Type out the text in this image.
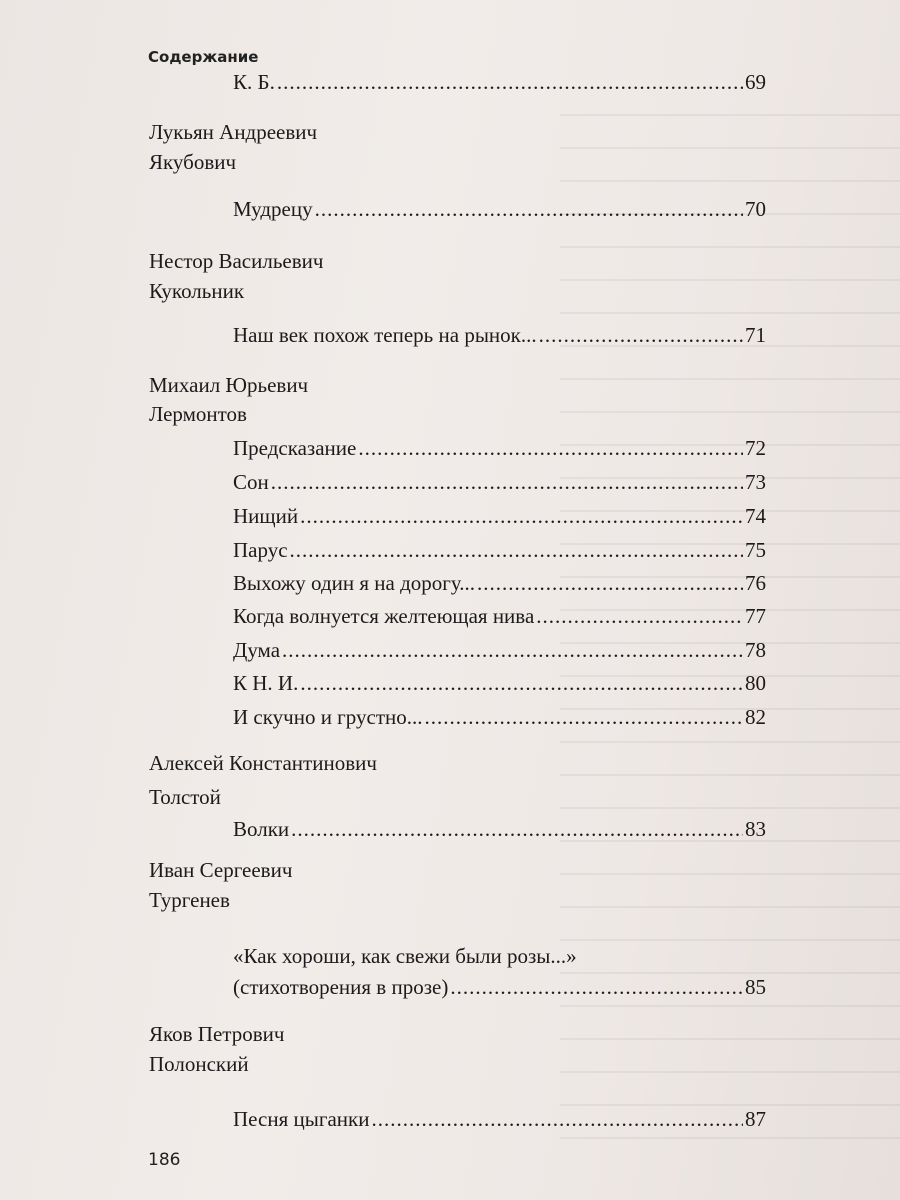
Содержание
К. Б. .....	69
Лукьян Андреевич
Якубович
Мудрецу .....	70
Нестор Васильевич
Кукольник
Наш век похож теперь на рынок... .....	71
Михаил Юрьевич
Лермонтов
Предсказание .....	72
Сон .....	73
Нищий .....	74
Парус .....	75
Выхожу один я на дорогу... .....	76
Когда волнуется желтеющая нива .....	77
Дума .....	78
К Н. И. .....	80
И скучно и грустно... .....	82
Алексей Константинович
Толстой
Волки .....	83
Иван Сергеевич
Тургенев
«Как хороши, как свежи были розы...»
(стихотворения в прозе) .....	85
Яков Петрович
Полонский
Песня цыганки .....	87
186
